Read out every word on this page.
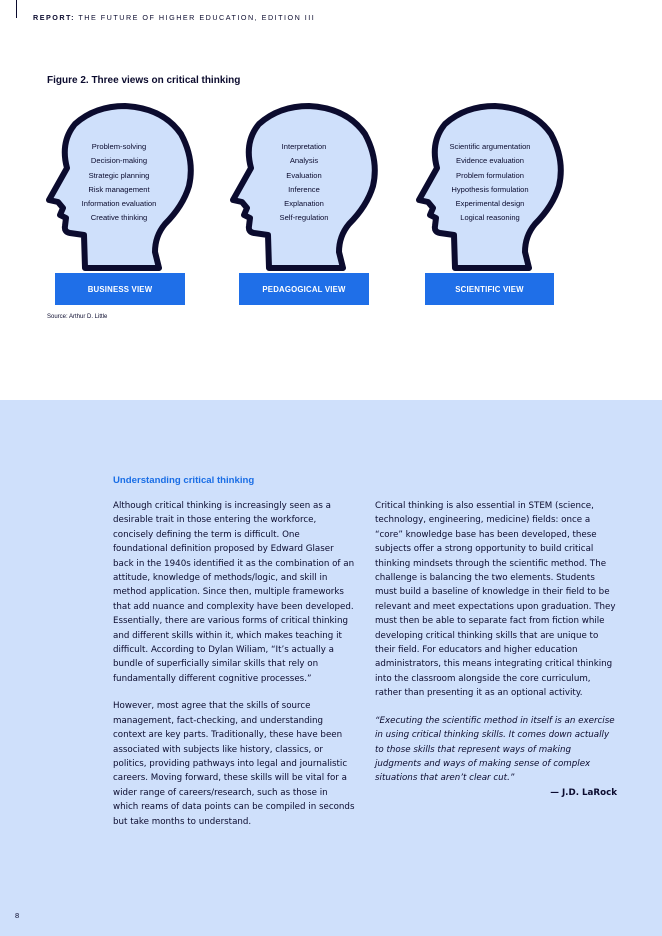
REPORT: THE FUTURE OF HIGHER EDUCATION, EDITION III
Figure 2. Three views on critical thinking
Problem-solving
Decision-making
Strategic planning
Risk management
Information evaluation
Creative thinking
Interpretation
Analysis
Evaluation
Inference
Explanation
Self-regulation
Scientific argumentation
Evidence evaluation
Problem formulation
Hypothesis formulation
Experimental design
Logical reasoning
BUSINESS VIEW	PEDAGOGICAL VIEW	SCIENTIFIC VIEW
Source: Arthur D. Little
Understanding critical thinking

Although critical thinking is increasingly seen as a desirable trait in those entering the workforce, concisely defining the term is difficult. One foundational definition proposed by Edward Glaser back in the 1940s identified it as the combination of an attitude, knowledge of methods/logic, and skill in method application. Since then, multiple frameworks that add nuance and complexity have been developed. Essentially, there are various forms of critical thinking and different skills within it, which makes teaching it difficult. According to Dylan Wiliam, “It’s actually a bundle of superficially similar skills that rely on fundamentally different cognitive processes.”

However, most agree that the skills of source management, fact-checking, and understanding context are key parts. Traditionally, these have been associated with subjects like history, classics, or politics, providing pathways into legal and journalistic careers. Moving forward, these skills will be vital for a wider range of careers/research, such as those in which reams of data points can be compiled in seconds but take months to understand.

Critical thinking is also essential in STEM (science, technology, engineering, medicine) fields: once a “core” knowledge base has been developed, these subjects offer a strong opportunity to build critical thinking mindsets through the scientific method. The challenge is balancing the two elements. Students must build a baseline of knowledge in their field to be relevant and meet expectations upon graduation. They must then be able to separate fact from fiction while developing critical thinking skills that are unique to their field. For educators and higher education administrators, this means integrating critical thinking into the classroom alongside the core curriculum, rather than presenting it as an optional activity.

“Executing the scientific method in itself is an exercise in using critical thinking skills. It comes down actually to those skills that represent ways of making judgments and ways of making sense of complex situations that aren’t clear cut.”

— J.D. LaRock
8
